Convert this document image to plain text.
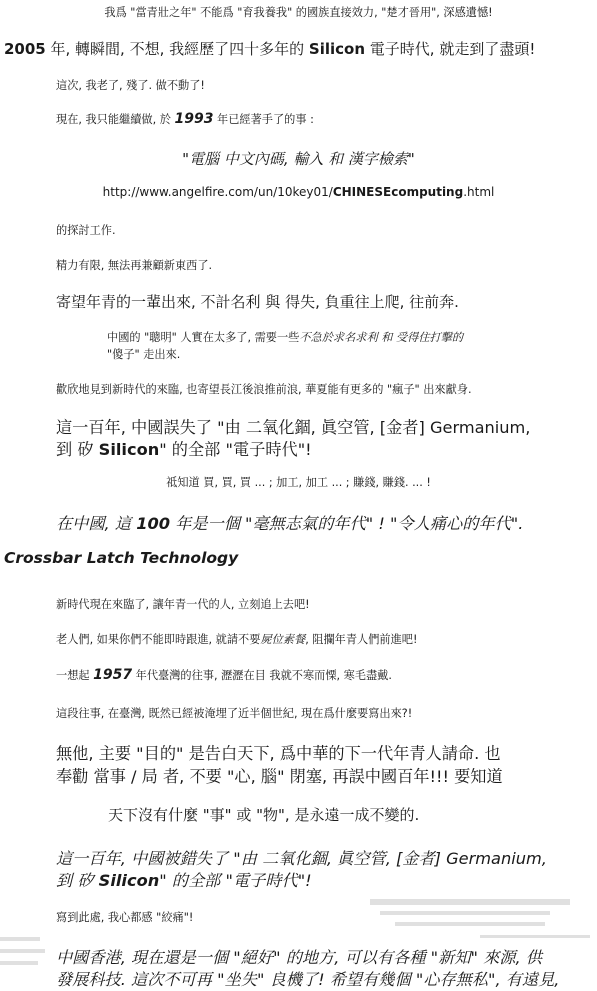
我爲 "當青壯之年" 不能爲 "育我養我" 的國族直接效力, "楚才晉用", 深感遺憾!
2005 年, 轉瞬間, 不想, 我經歷了四十多年的 Silicon 電子時代, 就走到了盡頭!
這次, 我老了, 殘了. 做不動了!
現在, 我只能繼續做, 於 1993 年已經著手了的事 :
"電腦 中文內碼, 輸入 和 漢字檢索"
http://www.angelfire.com/un/10key01/CHINESEcomputing.html
的探討工作.
精力有限, 無法再兼顧新東西了.
寄望年青的一輩出來, 不計名利 與 得失, 負重往上爬, 往前奔.
中國的 "聰明" 人實在太多了, 需要一些不急於求名求利 和 受得住打擊的
"傻子" 走出來.
歡欣地見到新時代的來臨, 也寄望長江後浪推前浪, 華夏能有更多的 "瘋子" 出來獻身.
這一百年, 中國誤失了 "由 二氧化錮, 眞空管, [金者] Germanium,
到 矽 Silicon" 的全部 "電子時代"!
祗知道 買, 買, 買 ... ; 加工, 加工 ... ; 賺錢, 賺錢. ... !
在中國, 這 100 年是一個 "毫無志氣的年代" ! "令人痛心的年代".
Crossbar Latch Technology
新時代現在來臨了, 讓年青一代的人, 立刻追上去吧!
老人們, 如果你們不能即時跟進, 就請不要屍位素餐, 阻攔年青人們前進吧!
一想起 1957 年代臺灣的往事, 瀝瀝在目 我就不寒而慄, 寒毛盡戴.
這段往事, 在臺灣, 既然已經被淹埋了近半個世紀, 現在爲什麼要寫出來?!
無他, 主要 "目的" 是告白天下, 爲中華的下一代年青人請命. 也
奉勸 當事 / 局 者, 不要 "心, 腦" 閉塞, 再誤中國百年!!! 要知道
天下沒有什麼 "事" 或 "物", 是永遠一成不變的.
這一百年, 中國被錯失了 "由 二氧化錮, 眞空管, [金者] Germanium,
到 矽 Silicon" 的全部 "電子時代"!
寫到此處, 我心都感 "絞痛"!
中國香港, 現在還是一個 "絕好" 的地方, 可以有各種 "新知" 來源, 供
發展科技. 這次不可再 "坐失" 良機了! 希望有幾個 "心存無私", 有遠見,
